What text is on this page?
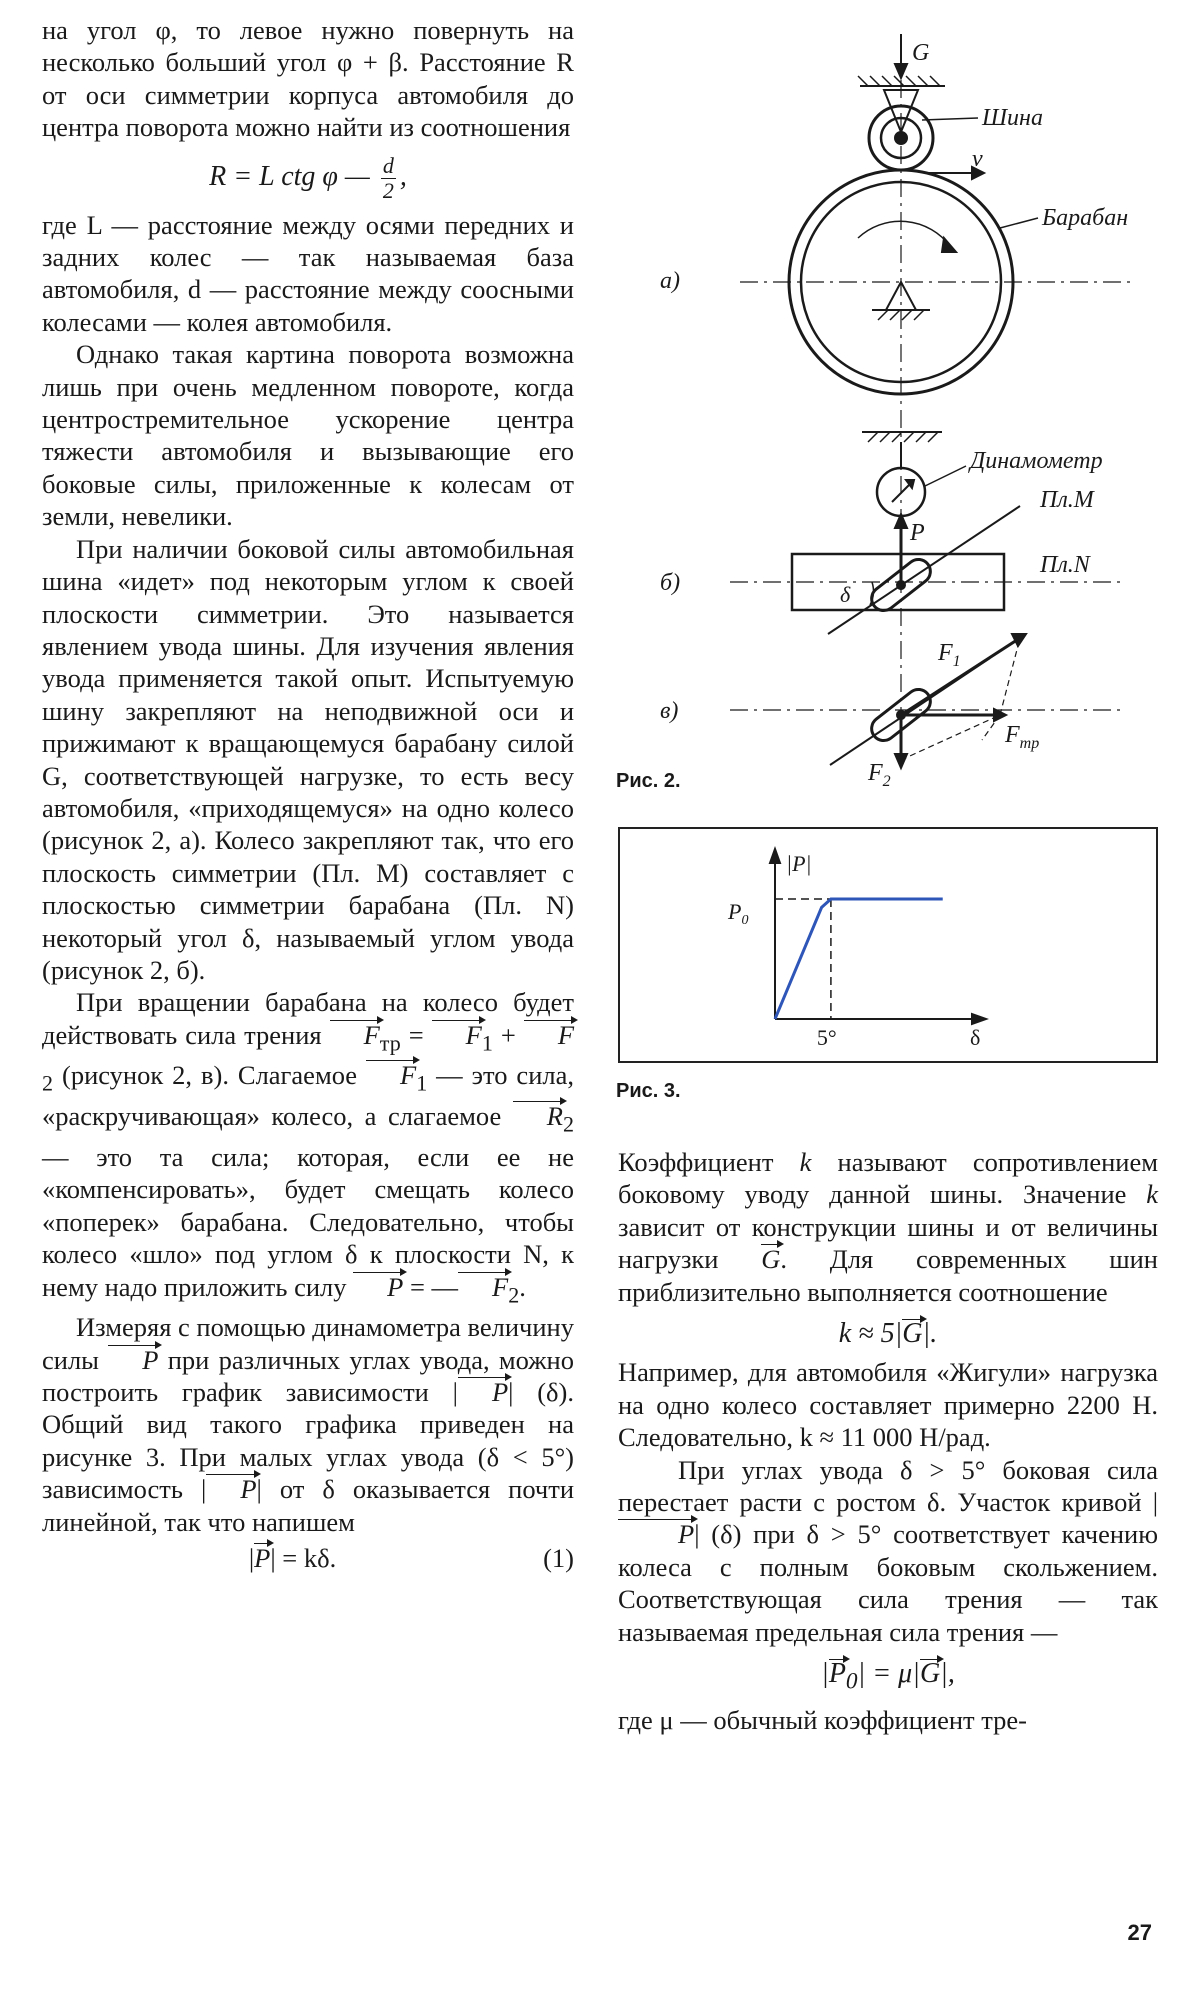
на угол φ, то левое нужно повернуть на несколько больший угол φ + β. Расстояние R от оси симметрии корпуса автомобиля до центра поворота можно найти из соотношения

R = L ctg φ — $\frac{d}{2}$ ,

где L — расстояние между осями передних и задних колес — так называемая база автомобиля, d — расстояние между соосными колесами — колея автомобиля.

Однако такая картина поворота возможна лишь при очень медленном повороте, когда центростремительное ускорение центра тяжести автомобиля и вызывающие его боковые силы, приложенные к колесам от земли, невелики.

При наличии боковой силы автомобильная шина «идет» под некоторым углом к своей плоскости симметрии. Это называется явлением увода шины. Для изучения явления увода применяется такой опыт. Испытуемую шину закрепляют на неподвижной оси и прижимают к вращающемуся барабану силой G, соответствующей нагрузке, то есть весу автомобиля, «приходящемуся» на одно колесо (рисунок 2, а). Колесо закрепляют так, что его плоскость симметрии (Пл. M) составляет с плоскостью симметрии барабана (Пл. N) некоторый угол δ, называемый углом увода (рисунок 2, б).

При вращении барабана на колесо будет действовать сила трения $F_{тр} = F_1 + F_2$ (рисунок 2, в). Слагаемое $F_1$ — это сила, «раскручивающая» колесо, а слагаемое $R_2$ — это та сила; которая, если ее не «компенсировать», будет смещать колесо «поперек» барабана. Следовательно, чтобы колесо «шло» под углом δ к плоскости N, к нему надо приложить силу P = — $F_2$.

Измеряя с помощью динамометра величину силы P при различных углах увода, можно построить график зависимости | P| (δ). Общий вид такого графика приведен на рисунке 3. При малых углах увода (δ < 5°) зависимость | P| от δ оказывается почти линейной, так что напишем

|P| = kδ.	(1)
G
Шина
v
Барабан
а)
Динамометр
Пл.M
P
Пл.N
б)	δ
$F_1$
в)
$F_{тр}$
$F_2$
Рис. 2.
|P|
$P_0$
5°	δ
Рис. 3.

Коэффициент k называют сопротивлением боковому уводу данной шины. Значение k зависит от конструкции шины и от величины нагрузки G. Для современных шин приблизительно выполняется соотношение

k ≈ 5|G|.

Например, для автомобиля «Жигули» нагрузка на одно колесо составляет примерно 2200 Н. Следовательно, k ≈ 11 000 Н/рад.

При углах увода δ > 5° боковая сила перестает расти с ростом δ. Участок кривой |P| (δ) при δ > 5° соответствует качению колеса с полным боковым скольжением. Соответствующая сила трения — так называемая предельная сила трения —

$|P_0| = \mu|G|$,

где μ — обычный коэффициент тре-

27
